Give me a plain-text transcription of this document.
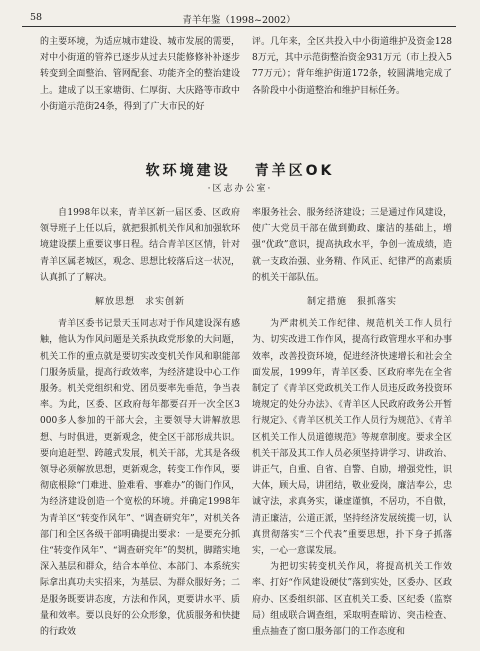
58	青羊年鉴（1998~2002）

的主要环境，为适应城市建设、城市发展的需要，对中小街道的管养已逐步从过去只能修修补补逐步转变到全面整治、管网配套、功能齐全的整治建设上。建成了以王家塘街、仁厚街、大庆路等市政中小街道示范街24条，得到了广大市民的好

评。几年来，全区共投入中小街道维护及资金1288万元，其中示范街整治资金931万元（市上投入577万元）；背年维护街道172条，较圆满地完成了各阶段中小街道整治和维护目标任务。

软环境建设 青羊区OK
·区志办公室·

自1998年以来，青羊区新一届区委、区政府领导班子上任以后，就把狠抓机关作风和加强软环境建设摆上重要议事日程。结合青羊区区情，针对青羊区属老城区，观念、思想比较落后这一状况，认真抓了了解决。

解放思想　求实创新

青羊区委书记景天玉同志对于作风建设深有感触，他认为作风问题是关系执政党形象的大问题，机关工作的重点就是要切实改变机关作风和职能部门服务质量，提高行政效率，为经济建设中心工作服务。机关党组织和党、团员要率先垂范，争当表率。为此，区委、区政府每年都要召开一次全区3000多人参加的干部大会，主要领导大讲解放思想、与时俱进，更新观念，使全区干部形成共识。要向追赶型、跨越式发展，机关干部，尤其是各级领导必须解放思想，更新观念，转变工作作风，要彻底根除“门难进、脸难看、事难办”的衙门作风，为经济建设创造一个宽松的环境。并确定1998年为青羊区“转变作风年”、“调查研究年”，对机关各部门和全区各级干部明确提出要求：一是要充分抓住“转变作风年”、“调查研究年”的契机，脚踏实地深入基层和群众，结合本单位、本部门、本系统实际拿出真功夫实招来，为基层、为群众服好务；二是服务既要讲态度，方法和作风，更要讲水平、质量和效率。要以良好的公众形象，优质服务和快捷的行政效

率服务社会、服务经济建设；三是通过作风建设，使广大党员干部在做到勤政、廉洁的基础上，增强“优政”意识，提高执政水平，争创一流成绩，造就一支政治强、业务精、作风正、纪律严的高素质的机关干部队伍。

制定措施　狠抓落实

为严肃机关工作纪律、规范机关工作人员行为、切实改进工作作风，提高行政管理水平和办事效率，改善投资环境，促进经济快速增长和社会全面发展，1999年，青羊区委、区政府率先在全省制定了《青羊区党政机关工作人员违反政务投资环境规定的处分办法》、《青羊区人民政府政务公开暂行规定》、《青羊区机关工作人员行为规范》、《青羊区机关工作人员道德规范》等规章制度。要求全区机关干部及其工作人员必须坚持讲学习、讲政治、讲正气，自重、自省、自警、自励，增强党性，识大体，顾大局，讲团结，敬业爱岗，廉洁奉公，忠诚守法，求真务实，谦虚谨慎，不居功，不自傲，清正廉洁，公道正派，坚持经济发展统揽一切，认真贯彻落实“三个代表”重要思想，扑下身子抓落实，一心一意谋发展。

为把切实转变机关作风，将提高机关工作效率、打好“作风建设硬仗”落到实处，区委办、区政府办、区委组织部、区直机关工委、区纪委（监察局）组成联合调查组，采取明查暗访、突击检查、重点抽查了窗口服务部门的工作态度和
